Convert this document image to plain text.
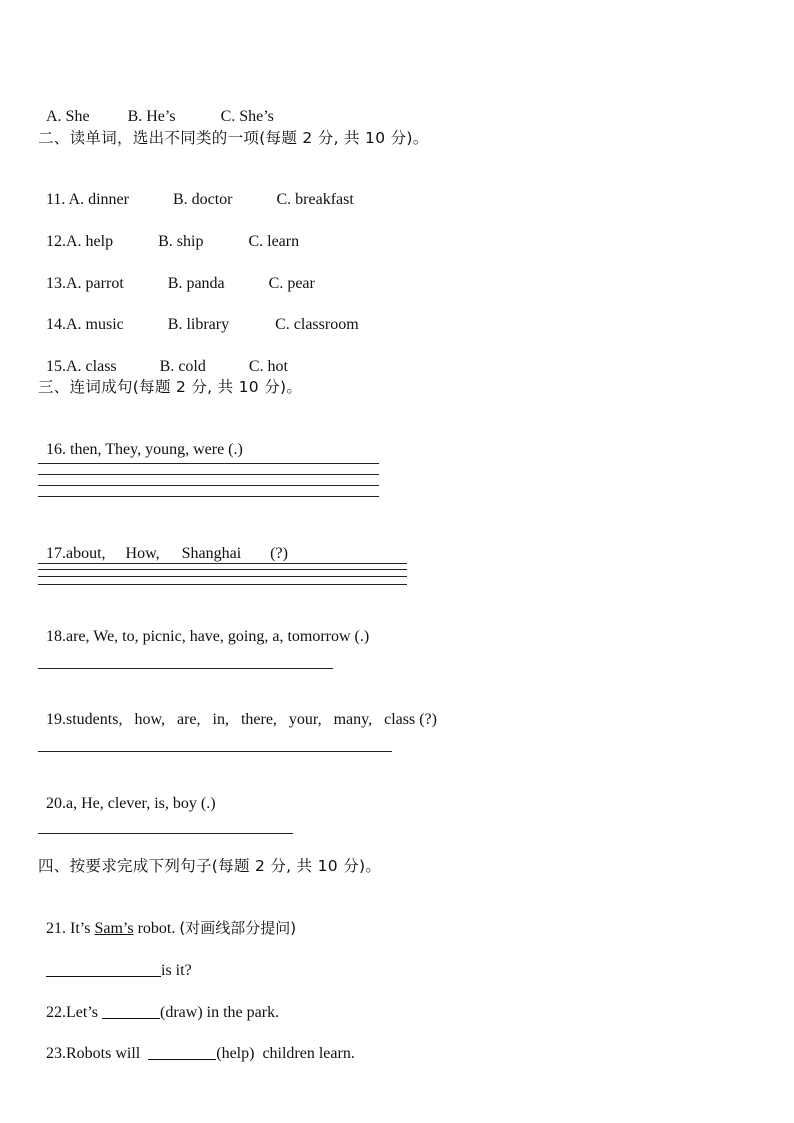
A. She B. He’s	C. She’s

二、读单词，选出不同类的一项(每题 2 分, 共 10 分)。

11. A. dinner	B. doctor	C. breakfast

12.A. help	B. ship	C. learn

13.A. parrot	B. panda	C. pear

14.A. music	B. library	C. classroom

15.A. class	B. cold	C. hot

三、连词成句(每题 2 分, 共 10 分)。

16. then, They, young, were (.)

17.about, How, Shanghai (?)

18.are, We, to, picnic, have, going, a, tomorrow (.)

19.students,   how,   are,   in,   there,   your,   many,   class (?)

20.a, He, clever, is, boy (.)

四、按要求完成下列句子(每题 2 分, 共 10 分)。

21. It’s Sam’s robot. (对画线部分提问)

is it?

22.Let’s	(draw) in the park.

23.Robots will	(help)  children learn.
